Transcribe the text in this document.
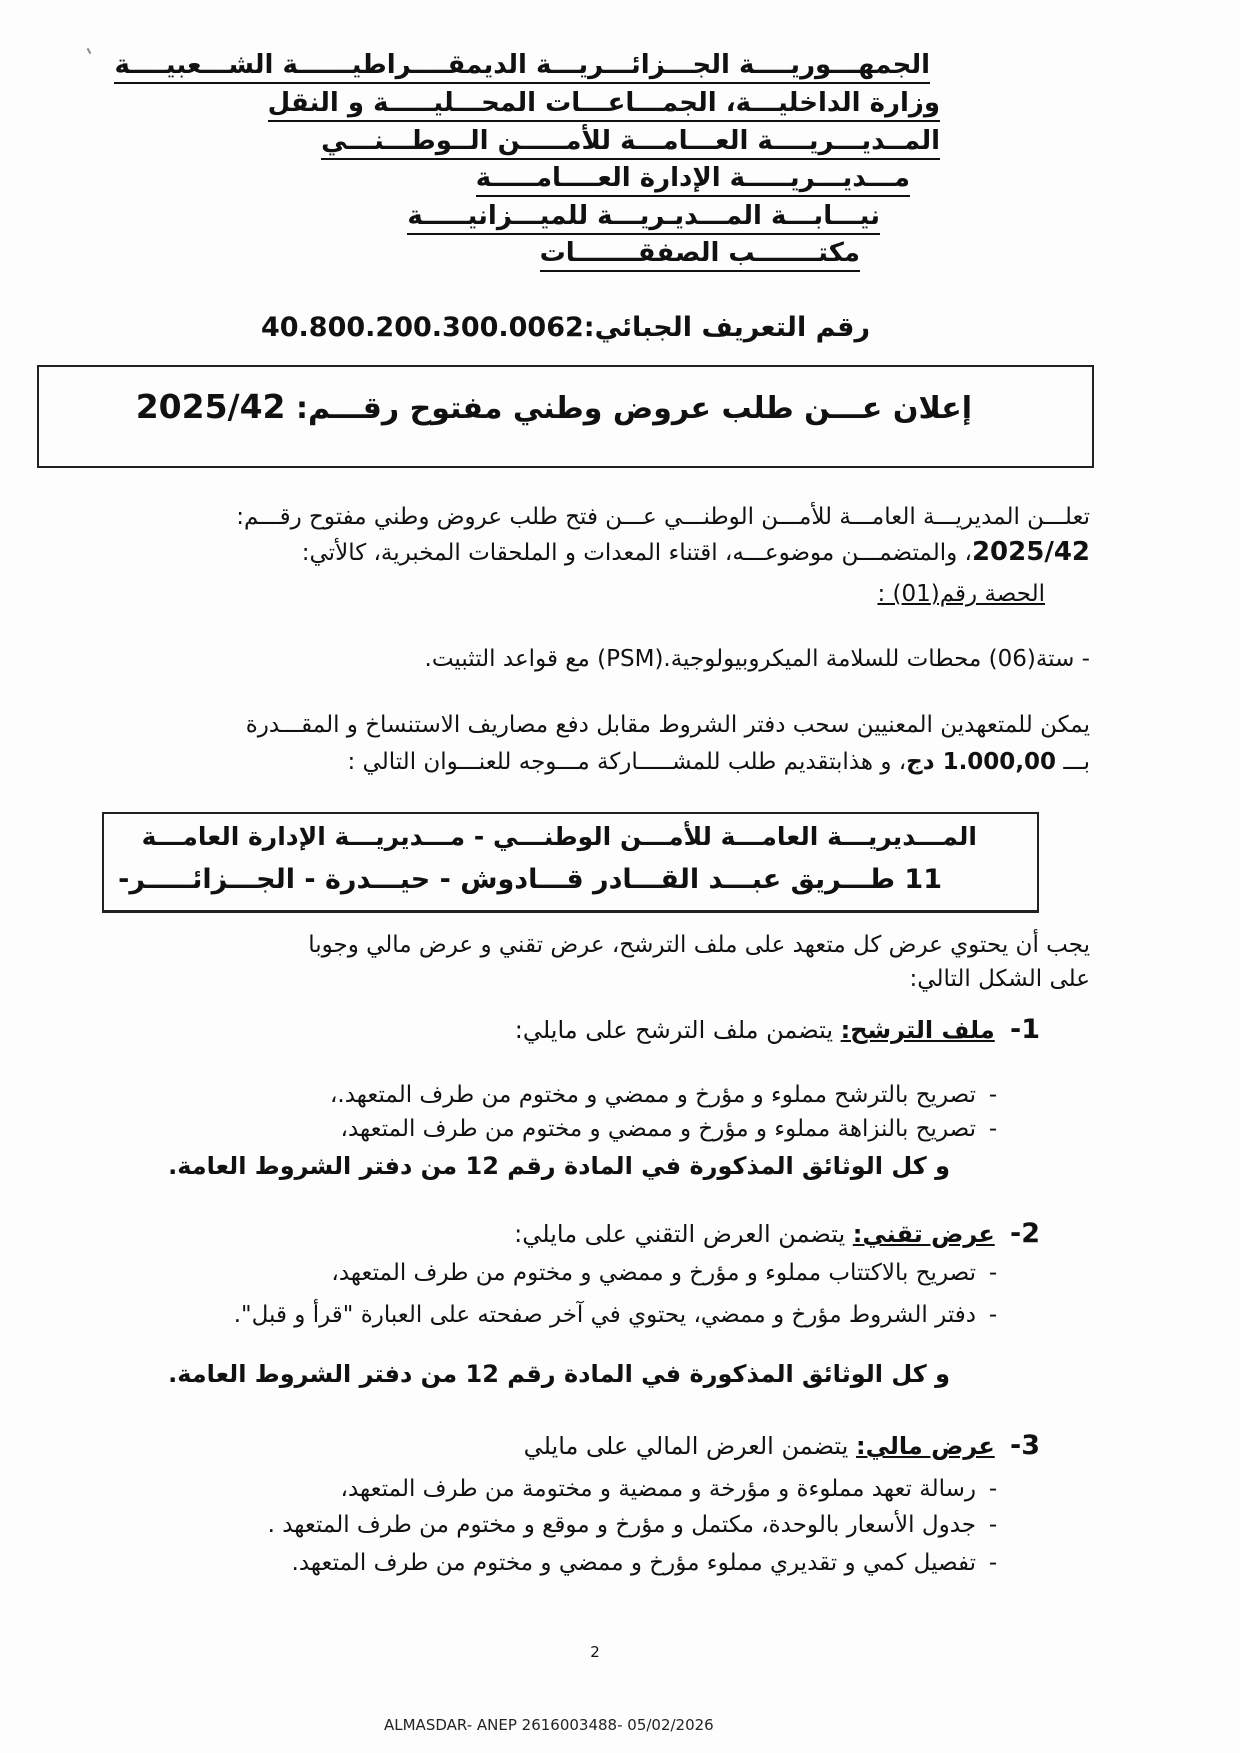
الجمهـــوريــــة الجـــزائـــريـــة الديمقــــراطيــــــة الشـــعبيــــة
وزارة الداخليـــة، الجمـــاعـــات المحـــليـــــة و النقل
المــديـــريــــة العـــامـــة للأمـــــن الــوطـــنـــي
مـــديـــريـــــة الإدارة العــــامـــــة
نيـــابـــة المـــديـريـــة للميـــزانيـــــة
مكتـــــــب الصفقـــــــات
رقم التعريف الجبائي:40.800.200.300.0062
إعلان عـــن طلب عروض وطني مفتوح رقـــم: 2025/42
تعلـــن المديريـــة العامـــة للأمـــن الوطنـــي عـــن فتح طلب عروض وطني مفتوح رقـــم:
2025/42، والمتضمـــن موضوعـــه، اقتناء المعدات و الملحقات المخبرية، كالأتي:
الحصة رقم(01) :
- ستة(06) محطات للسلامة الميكروبيولوجية.(PSM) مع قواعد التثبيت.
يمكن للمتعهدين المعنيين سحب دفتر الشروط مقابل دفع مصاريف الاستنساخ و المقـــدرة
بـــ 1.000,00 دج، و هذابتقديم طلب للمشـــــاركة مـــوجه للعنـــوان التالي :
المـــديريـــة العامـــة للأمـــن الوطنـــي - مـــديريـــة الإدارة العامـــة
11 طـــريق عبـــد القـــادر قـــادوش - حيـــدرة - الجـــزائـــــر-
يجب أن يحتوي عرض كل متعهد على ملف الترشح، عرض تقني و عرض مالي وجوبا
على الشكل التالي:
1-  ملف الترشح: يتضمن ملف الترشح على مايلي:
-تصريح بالترشح مملوء و مؤرخ و ممضي و مختوم من طرف المتعهد.،
-تصريح بالنزاهة مملوء و مؤرخ و ممضي و مختوم من طرف المتعهد،
و كل الوثائق المذكورة في المادة رقم 12 من دفتر الشروط العامة.
2-  عرض تقني: يتضمن العرض التقني على مايلي:
-تصريح بالاكتتاب مملوء و مؤرخ و ممضي و مختوم من طرف المتعهد،
-دفتر الشروط مؤرخ و ممضي، يحتوي في آخر صفحته على العبارة "قرأ و قبل".
و كل الوثائق المذكورة في المادة رقم 12 من دفتر الشروط العامة.
3-  عرض مالي: يتضمن العرض المالي على مايلي
-رسالة تعهد مملوءة و مؤرخة و ممضية و مختومة من طرف المتعهد،
-جدول الأسعار بالوحدة، مكتمل و مؤرخ و موقع و مختوم من طرف المتعهد .
-تفصيل كمي و تقديري مملوء مؤرخ و ممضي و مختوم من طرف المتعهد.
2
ALMASDAR- ANEP 2616003488- 05/02/2026
